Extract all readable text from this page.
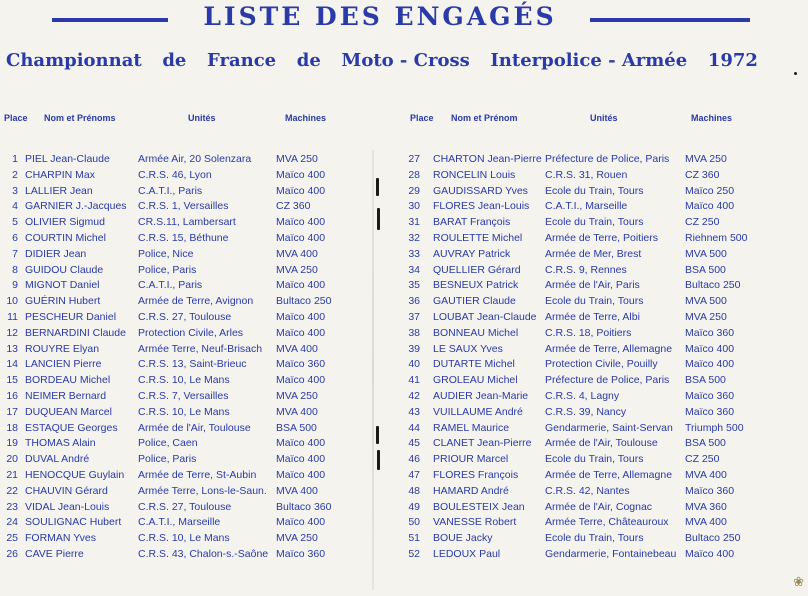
LISTE DES ENGAGÉS
Championnat de France de Moto - Cross Interpolice - Armée 1972
Place Nom et Prénoms	Unités	Machines	Place Nom et Prénom	Unités	Machines
1 PIEL Jean-Claude	Armée Air, 20 Solenzara MVA 250
2 CHARPIN Max	C.R.S. 46, Lyon	Maïco 400
3 LALLIER Jean	C.A.T.I., Paris	Maïco 400
4 GARNIER J.-Jacques C.R.S. 1, Versailles	CZ 360
5 OLIVIER Sigmud	CR.S.11, Lambersart	Maïco 400
6 COURTIN Michel	C.R.S. 15, Béthune	Maïco 400
7 DIDIER Jean	Police, Nice	MVA 400
8 GUIDOU Claude	Police, Paris	MVA 250
9 MIGNOT Daniel	C.A.T.I., Paris	Maïco 400
10 GUÉRIN Hubert	Armée de Terre, Avignon Bultaco 250
11 PESCHEUR Daniel C.R.S. 27, Toulouse	Maïco 400
12 BERNARDINI Claude Protection Civile, Arles	Maïco 400
13 ROUYRE Elyan	Armée Terre, Neuf-Brisach MVA 400
14 LANCIEN Pierre	C.R.S. 13, Saint-Brieuc	Maïco 360
15 BORDEAU Michel	C.R.S. 10, Le Mans	Maïco 400
16 NEIMER Bernard	C.R.S. 7, Versailles	MVA 250
17 DUQUEAN Marcel C.R.S. 10, Le Mans	MVA 400
18 ESTAQUE Georges Armée de l'Air, Toulouse BSA 500
19 THOMAS Alain	Police, Caen	Maïco 400
20 DUVAL André	Police, Paris	Maïco 400
21 HENOCQUE Guylain Armée de Terre, St-Aubin Maïco 400
22 CHAUVIN Gérard	Armée Terre, Lons-le-Saun. MVA 400
23 VIDAL Jean-Louis	C.R.S. 27, Toulouse	Bultaco 360
24 SOULIGNAC Hubert C.A.T.I., Marseille	Maïco 400
25 FORMAN Yves	C.R.S. 10, Le Mans	MVA 250
26 CAVE Pierre	C.R.S. 43, Chalon-s.-Saône Maïco 360
27 CHARTON Jean-Pierre Préfecture de Police, Paris MVA 250
28 RONCELIN Louis	C.R.S. 31, Rouen	CZ 360
29 GAUDISSARD Yves Ecole du Train, Tours	Maïco 250
30 FLORES Jean-Louis C.A.T.I., Marseille	Maïco 400
31 BARAT François	Ecole du Train, Tours	CZ 250
32 ROULETTE Michel Armée de Terre, Poitiers	Riehnem 500
33 AUVRAY Patrick	Armée de Mer, Brest	MVA 500
34 QUELLIER Gérard C.R.S. 9, Rennes	BSA 500
35 BESNEUX Patrick	Armée de l'Air, Paris	Bultaco 250
36 GAUTIER Claude	Ecole du Train, Tours	MVA 500
37 LOUBAT Jean-Claude Armée de Terre, Albi	MVA 250
38 BONNEAU Michel	C.R.S. 18, Poitiers	Maïco 360
39 LE SAUX Yves	Armée de Terre, Allemagne Maïco 400
40 DUTARTE Michel	Protection Civile, Pouilly	Maïco 400
41 GROLEAU Michel	Préfecture de Police, Paris BSA 500
42 AUDIER Jean-Marie C.R.S. 4, Lagny	Maïco 360
43 VUILLAUME André C.R.S. 39, Nancy	Maïco 360
44 RAMEL Maurice	Gendarmerie, Saint-Servan Triumph 500
45 CLANET Jean-Pierre Armée de l'Air, Toulouse	BSA 500
46 PRIOUR Marcel	Ecole du Train, Tours	CZ 250
47 FLORES François	Armée de Terre, Allemagne MVA 400
48 HAMARD André	C.R.S. 42, Nantes	Maïco 360
49 BOULESTEIX Jean Armée de l'Air, Cognac	MVA 360
50 VANESSE Robert	Armée Terre, Châteauroux MVA 400
51 BOUE Jacky	Ecole du Train, Tours	Bultaco 250
52 LEDOUX Paul	Gendarmerie, Fontainebeau Maïco 400
❀
